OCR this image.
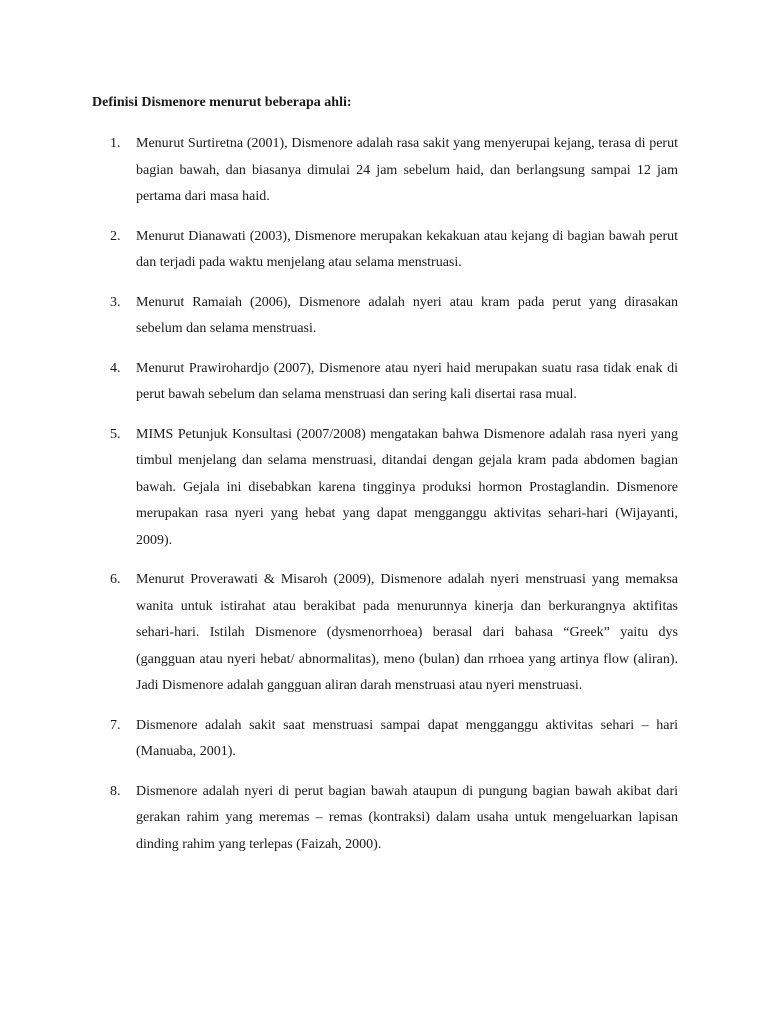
Definisi Dismenore menurut beberapa ahli:
1.	Menurut Surtiretna (2001), Dismenore adalah rasa sakit yang menyerupai kejang, terasa di perut bagian bawah, dan biasanya dimulai 24 jam sebelum haid, dan berlangsung sampai 12 jam pertama dari masa haid.
2.	Menurut Dianawati (2003), Dismenore merupakan kekakuan atau kejang di bagian bawah perut dan terjadi pada waktu menjelang atau selama menstruasi.
3.	Menurut Ramaiah (2006), Dismenore adalah nyeri atau kram pada perut yang dirasakan sebelum dan selama menstruasi.
4.	Menurut Prawirohardjo (2007), Dismenore atau nyeri haid merupakan suatu rasa tidak enak di perut bawah sebelum dan selama menstruasi dan sering kali disertai rasa mual.
5.	MIMS Petunjuk Konsultasi (2007/2008) mengatakan bahwa Dismenore adalah rasa nyeri yang timbul menjelang dan selama menstruasi, ditandai dengan gejala kram pada abdomen bagian bawah. Gejala ini disebabkan karena tingginya produksi hormon Prostaglandin. Dismenore merupakan rasa nyeri yang hebat yang dapat mengganggu aktivitas sehari-hari (Wijayanti, 2009).
6.	Menurut Proverawati & Misaroh (2009), Dismenore adalah nyeri menstruasi yang memaksa wanita untuk istirahat atau berakibat pada menurunnya kinerja dan berkurangnya aktifitas sehari-hari. Istilah Dismenore (dysmenorrhoea) berasal dari bahasa “Greek” yaitu dys (gangguan atau nyeri hebat/ abnormalitas), meno (bulan) dan rrhoea yang artinya flow (aliran). Jadi Dismenore adalah gangguan aliran darah menstruasi atau nyeri menstruasi.
7.	Dismenore adalah sakit saat menstruasi sampai dapat mengganggu aktivitas sehari – hari (Manuaba, 2001).
8.	Dismenore adalah nyeri di perut bagian bawah ataupun di pungung bagian bawah akibat dari gerakan rahim yang meremas – remas (kontraksi) dalam usaha untuk mengeluarkan lapisan dinding rahim yang terlepas (Faizah, 2000).
